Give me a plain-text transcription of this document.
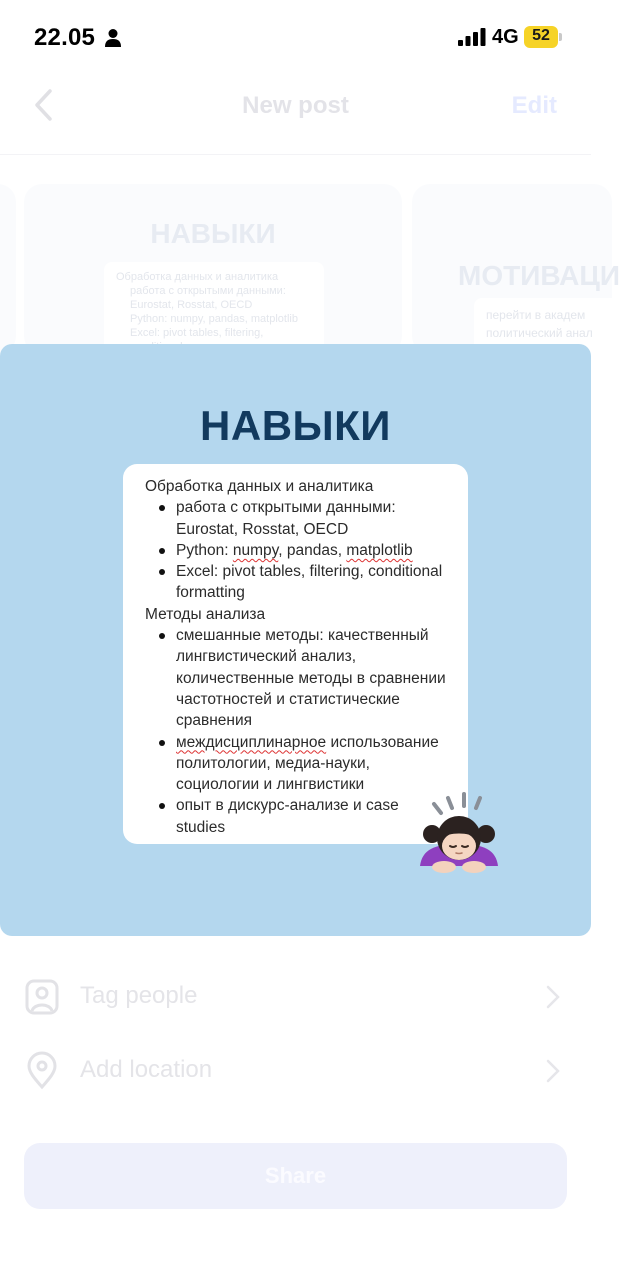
22.05	4G 52
New post	Edit
НАВЫКИ
Обработка данных и аналитика
работа с открытыми данными:
Eurostat, Rosstat, OECD
Python: numpy, pandas, matplotlib
Excel: pivot tables, filtering,
МОТИВАЦИ
перейти в академ
политический анал
Tag people
Add location
Share
НАВЫКИ
Обработка данных и аналитика
работа с открытыми данными: Eurostat, Rosstat, OECD
Python: numpy, pandas, matplotlib
Excel: pivot tables, filtering, conditional formatting
Методы анализа
смешанные методы: качественный лингвистический анализ, количественные методы в сравнении частотностей и статистические сравнения
междисциплинарное использование политологии, медиа-науки, социологии и лингвистики
опыт в дискурс-анализе и case studies
